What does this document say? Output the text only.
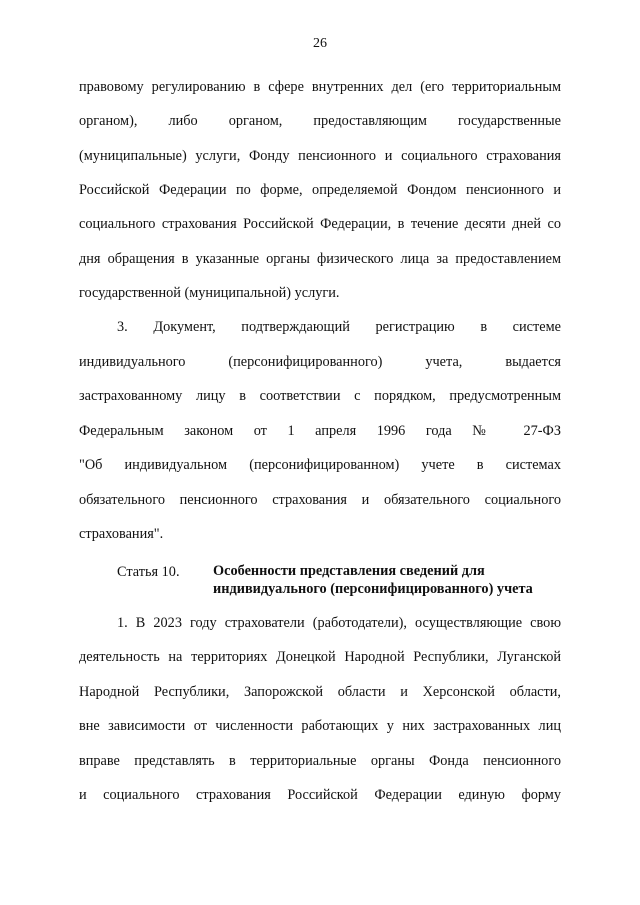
26
правовому регулированию в сфере внутренних дел (его территориальным
органом), либо органом, предоставляющим государственные
(муниципальные) услуги, Фонду пенсионного и социального страхования
Российской Федерации по форме, определяемой Фондом пенсионного и
социального страхования Российской Федерации, в течение десяти дней со
дня обращения в указанные органы физического лица за предоставлением
государственной (муниципальной) услуги.
3. Документ, подтверждающий регистрацию в системе
индивидуального (персонифицированного) учета, выдается
застрахованному лицу в соответствии с порядком, предусмотренным
Федеральным законом от 1 апреля 1996 года № 27-ФЗ
"Об индивидуальном (персонифицированном) учете в системах
обязательного пенсионного страхования и обязательного социального
страхования".
Статья 10. Особенности представления сведений для
индивидуального (персонифицированного) учета
1. В 2023 году страхователи (работодатели), осуществляющие свою
деятельность на территориях Донецкой Народной Республики, Луганской
Народной Республики, Запорожской области и Херсонской области,
вне зависимости от численности работающих у них застрахованных лиц
вправе представлять в территориальные органы Фонда пенсионного
и социального страхования Российской Федерации единую форму
